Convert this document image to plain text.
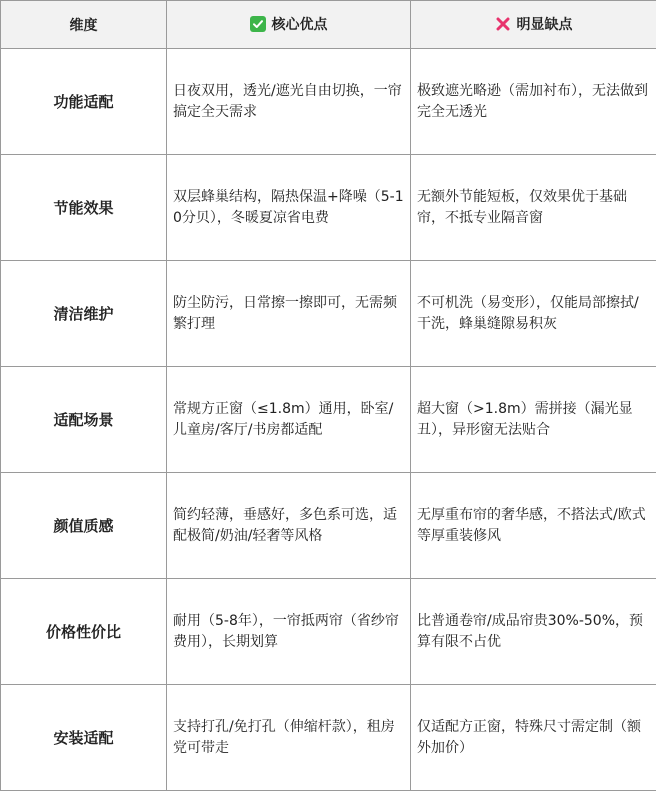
维度	核心优点	明显缺点

功能适配	日夜双用，透光/遮光自由切换，一帘搞定全天需求	极致遮光略逊（需加衬布），无法做到完全无透光
节能效果	双层蜂巢结构，隔热保温+降噪（5-10分贝），冬暖夏凉省电费	无额外节能短板，仅效果优于基础帘，不抵专业隔音窗
清洁维护	防尘防污，日常擦一擦即可，无需频繁打理	不可机洗（易变形），仅能局部擦拭/干洗，蜂巢缝隙易积灰
适配场景	常规方正窗（≤1.8m）通用，卧室/儿童房/客厅/书房都适配	超大窗（>1.8m）需拼接（漏光显丑），异形窗无法贴合
颜值质感	简约轻薄，垂感好，多色系可选，适配极简/奶油/轻奢等风格	无厚重布帘的奢华感，不搭法式/欧式等厚重装修风
价格性价比	耐用（5-8年），一帘抵两帘（省纱帘费用），长期划算	比普通卷帘/成品帘贵30%-50%，预算有限不占优
安装适配	支持打孔/免打孔（伸缩杆款），租房党可带走	仅适配方正窗，特殊尺寸需定制（额外加价）
